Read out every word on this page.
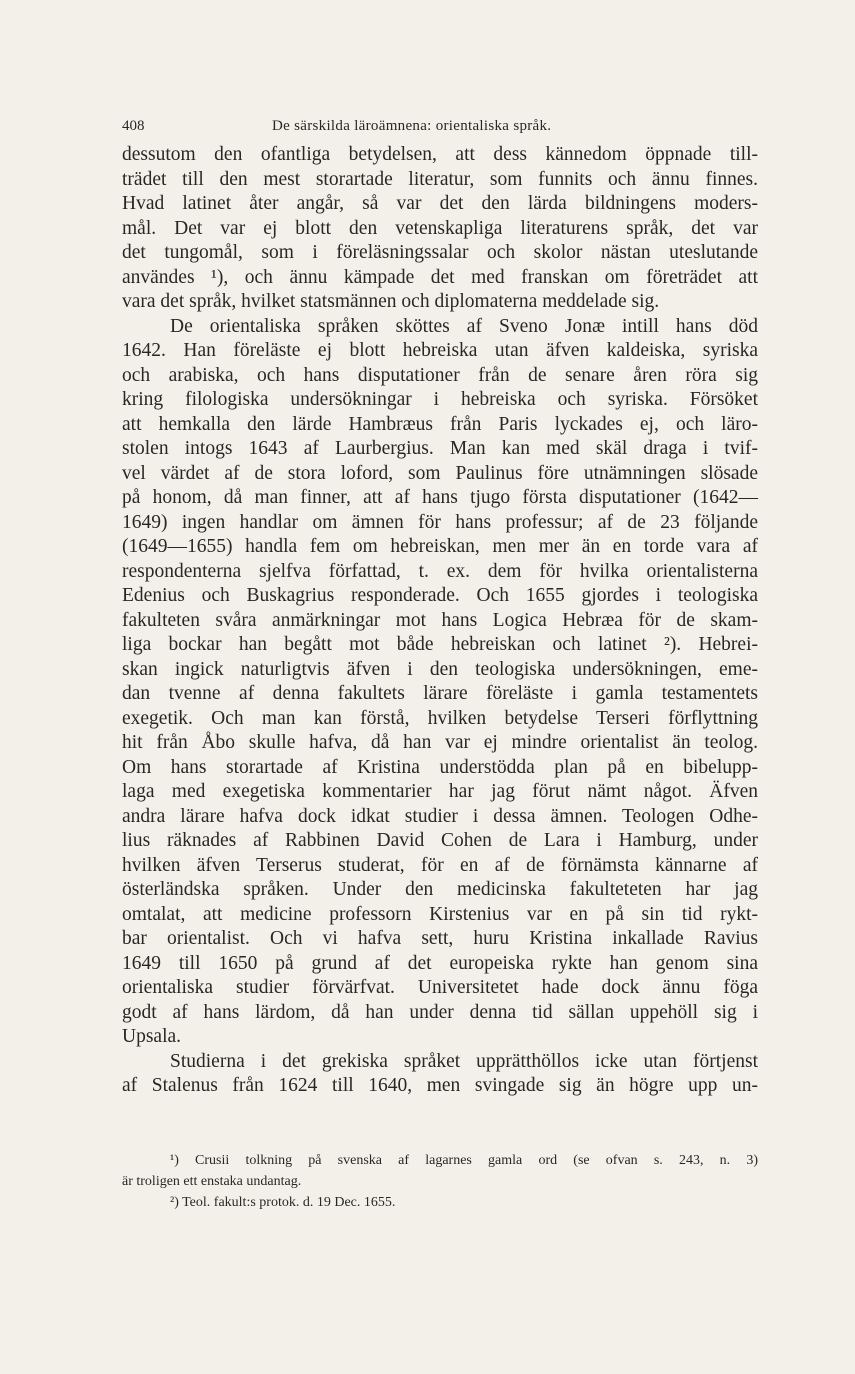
408	De särskilda läroämnena: orientaliska språk.
dessutom den ofantliga betydelsen, att dess kännedom öppnade till-
trädet till den mest storartade literatur, som funnits och ännu finnes.
Hvad latinet åter angår, så var det den lärda bildningens moders-
mål. Det var ej blott den vetenskapliga literaturens språk, det var
det tungomål, som i föreläsningssalar och skolor nästan uteslutande
användes ¹), och ännu kämpade det med franskan om företrädet att
vara det språk, hvilket statsmännen och diplomaterna meddelade sig.
De orientaliska språken sköttes af Sveno Jonæ intill hans död
1642. Han föreläste ej blott hebreiska utan äfven kaldeiska, syriska
och arabiska, och hans disputationer från de senare åren röra sig
kring filologiska undersökningar i hebreiska och syriska. Försöket
att hemkalla den lärde Hambræus från Paris lyckades ej, och läro-
stolen intogs 1643 af Laurbergius. Man kan med skäl draga i tvif-
vel värdet af de stora loford, som Paulinus före utnämningen slösade
på honom, då man finner, att af hans tjugo första disputationer (1642—
1649) ingen handlar om ämnen för hans professur; af de 23 följande
(1649—1655) handla fem om hebreiskan, men mer än en torde vara af
respondenterna sjelfva författad, t. ex. dem för hvilka orientalisterna
Edenius och Buskagrius responderade. Och 1655 gjordes i teologiska
fakulteten svåra anmärkningar mot hans Logica Hebræa för de skam-
liga bockar han begått mot både hebreiskan och latinet ²). Hebrei-
skan ingick naturligtvis äfven i den teologiska undersökningen, eme-
dan tvenne af denna fakultets lärare föreläste i gamla testamentets
exegetik. Och man kan förstå, hvilken betydelse Terseri förflyttning
hit från Åbo skulle hafva, då han var ej mindre orientalist än teolog.
Om hans storartade af Kristina understödda plan på en bibelupp-
laga med exegetiska kommentarier har jag förut nämt något. Äfven
andra lärare hafva dock idkat studier i dessa ämnen. Teologen Odhe-
lius räknades af Rabbinen David Cohen de Lara i Hamburg, under
hvilken äfven Terserus studerat, för en af de förnämsta kännarne af
österländska språken. Under den medicinska fakulteteten har jag
omtalat, att medicine professorn Kirstenius var en på sin tid rykt-
bar orientalist. Och vi hafva sett, huru Kristina inkallade Ravius
1649 till 1650 på grund af det europeiska rykte han genom sina
orientaliska studier förvärfvat. Universitetet hade dock ännu föga
godt af hans lärdom, då han under denna tid sällan uppehöll sig i
Upsala.
Studierna i det grekiska språket upprätthöllos icke utan förtjenst
af Stalenus från 1624 till 1640, men svingade sig än högre upp un-
¹) Crusii tolkning på svenska af lagarnes gamla ord (se ofvan s. 243, n. 3)
är troligen ett enstaka undantag.
²) Teol. fakult:s protok. d. 19 Dec. 1655.
